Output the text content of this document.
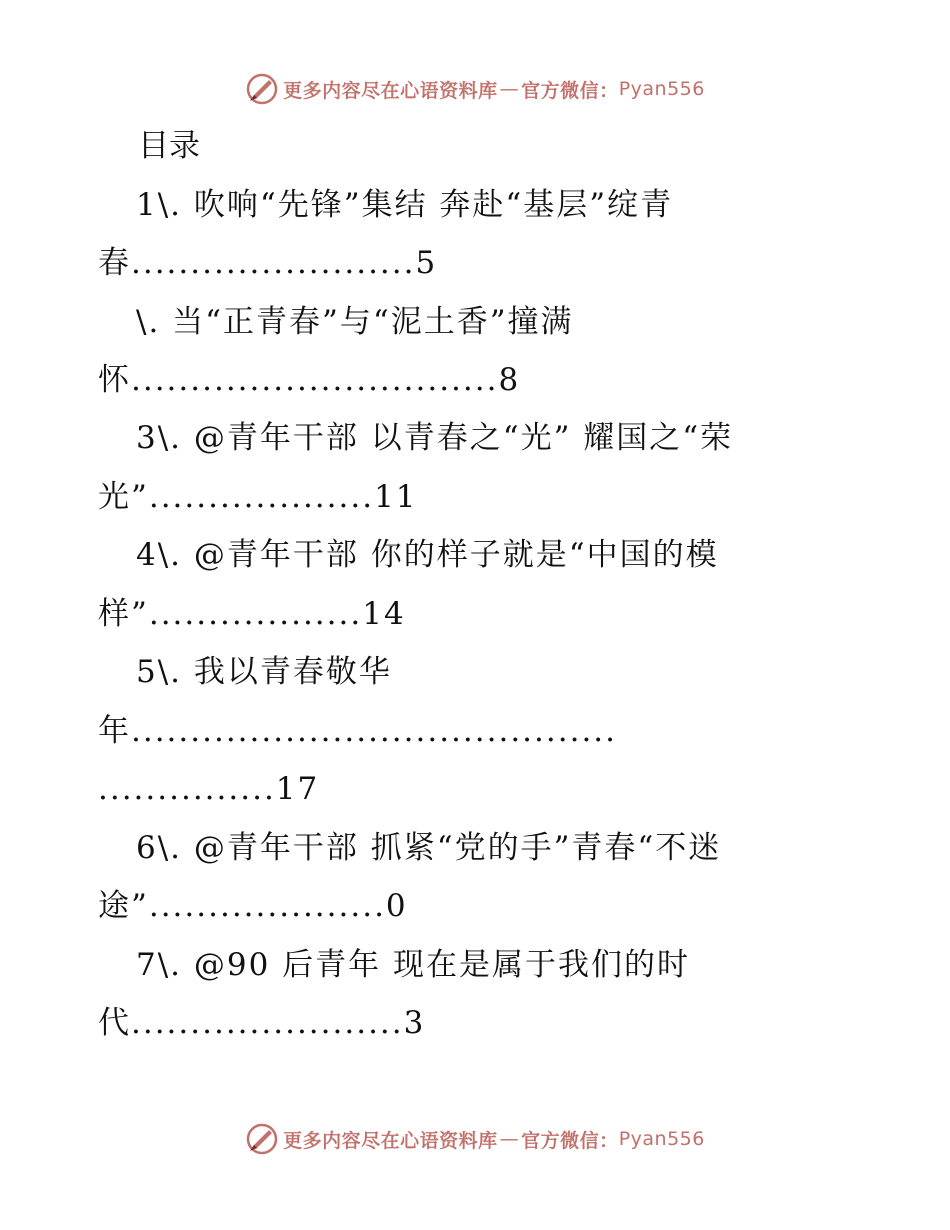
更多内容尽在心语资料库 — 官方微信： Pyan556
目录
1\. 吹响“先锋”集结 奔赴“基层”绽青
春........................5
\. 当“正青春”与“泥土香”撞满
怀...............................8
3\. @青年干部 以青春之“光” 耀国之“荣
光”...................11
4\. @青年干部 你的样子就是“中国的模
样”..................14
5\. 我以青春敬华
年.........................................
...............17
6\. @青年干部 抓紧“党的手”青春“不迷
途”....................0
7\. @90 后青年 现在是属于我们的时
代.......................3
更多内容尽在心语资料库 — 官方微信： Pyan556
